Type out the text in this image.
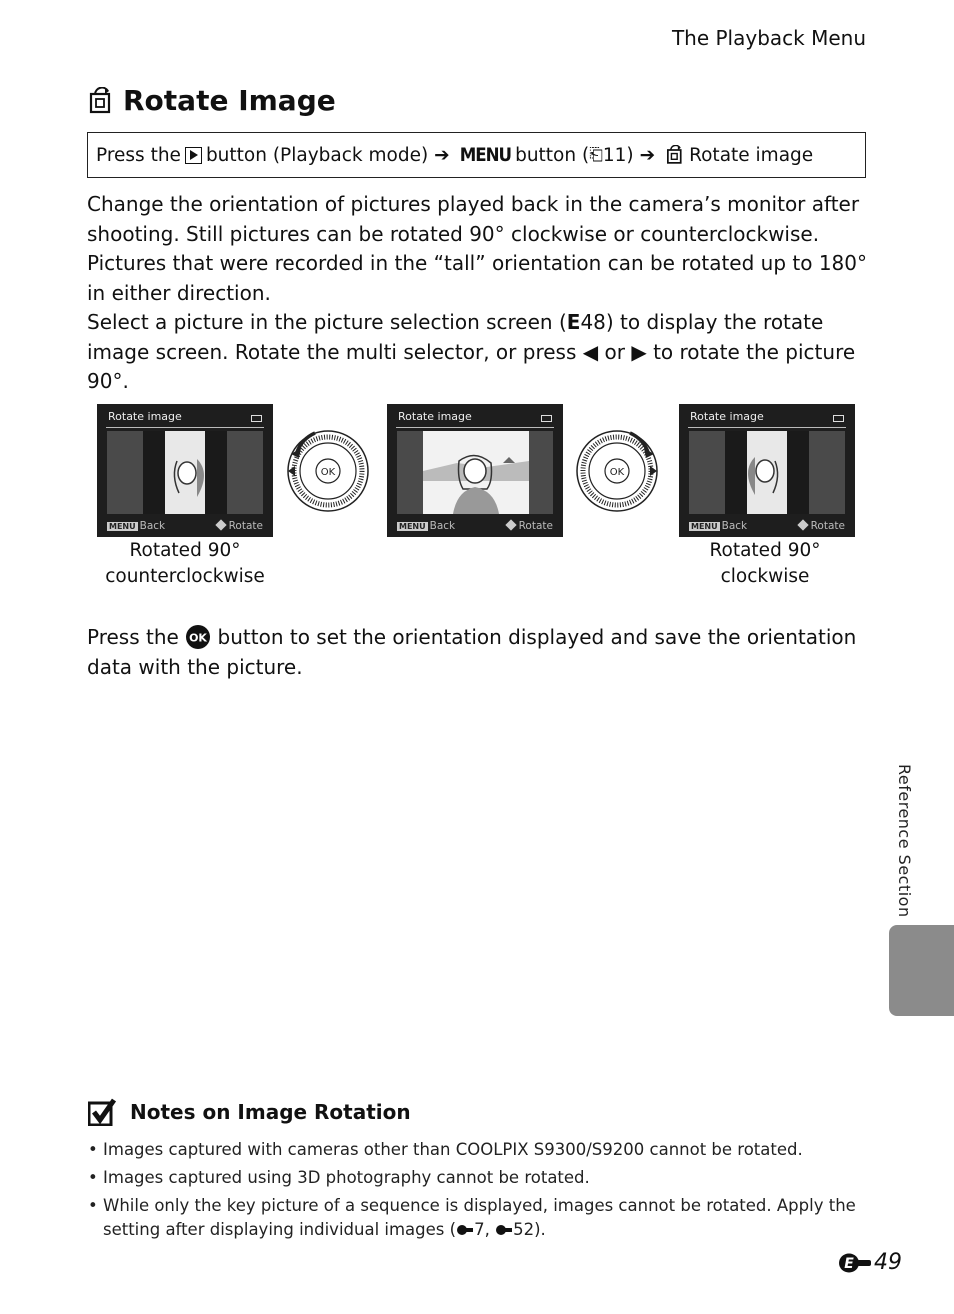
The Playback Menu
Rotate Image
Press the button (Playback mode) ➔ MENU button ( ⎗ 11) ➔ Rotate image
Change the orientation of pictures played back in the camera’s monitor after shooting. Still pictures can be rotated 90° clockwise or counterclockwise.
Pictures that were recorded in the “tall” orientation can be rotated up to 180° in either direction.
Select a picture in the picture selection screen (E48) to display the rotate image screen. Rotate the multi selector, or press ◀ or ▶ to rotate the picture 90°.
Rotate image
MENU Back	Rotate
Rotate image
MENU Back	Rotate
Rotate image
MENU Back	Rotate
OK	OK
Rotated 90°
counterclockwise
Rotated 90°
clockwise
Press the OK button to set the orientation displayed and save the orientation data with the picture.
Reference Section
Notes on Image Rotation
• Images captured with cameras other than COOLPIX S9300/S9200 cannot be rotated.
• Images captured using 3D photography cannot be rotated.
• While only the key picture of a sequence is displayed, images cannot be rotated. Apply the setting after displaying individual images ( 7, 52).
E 49
